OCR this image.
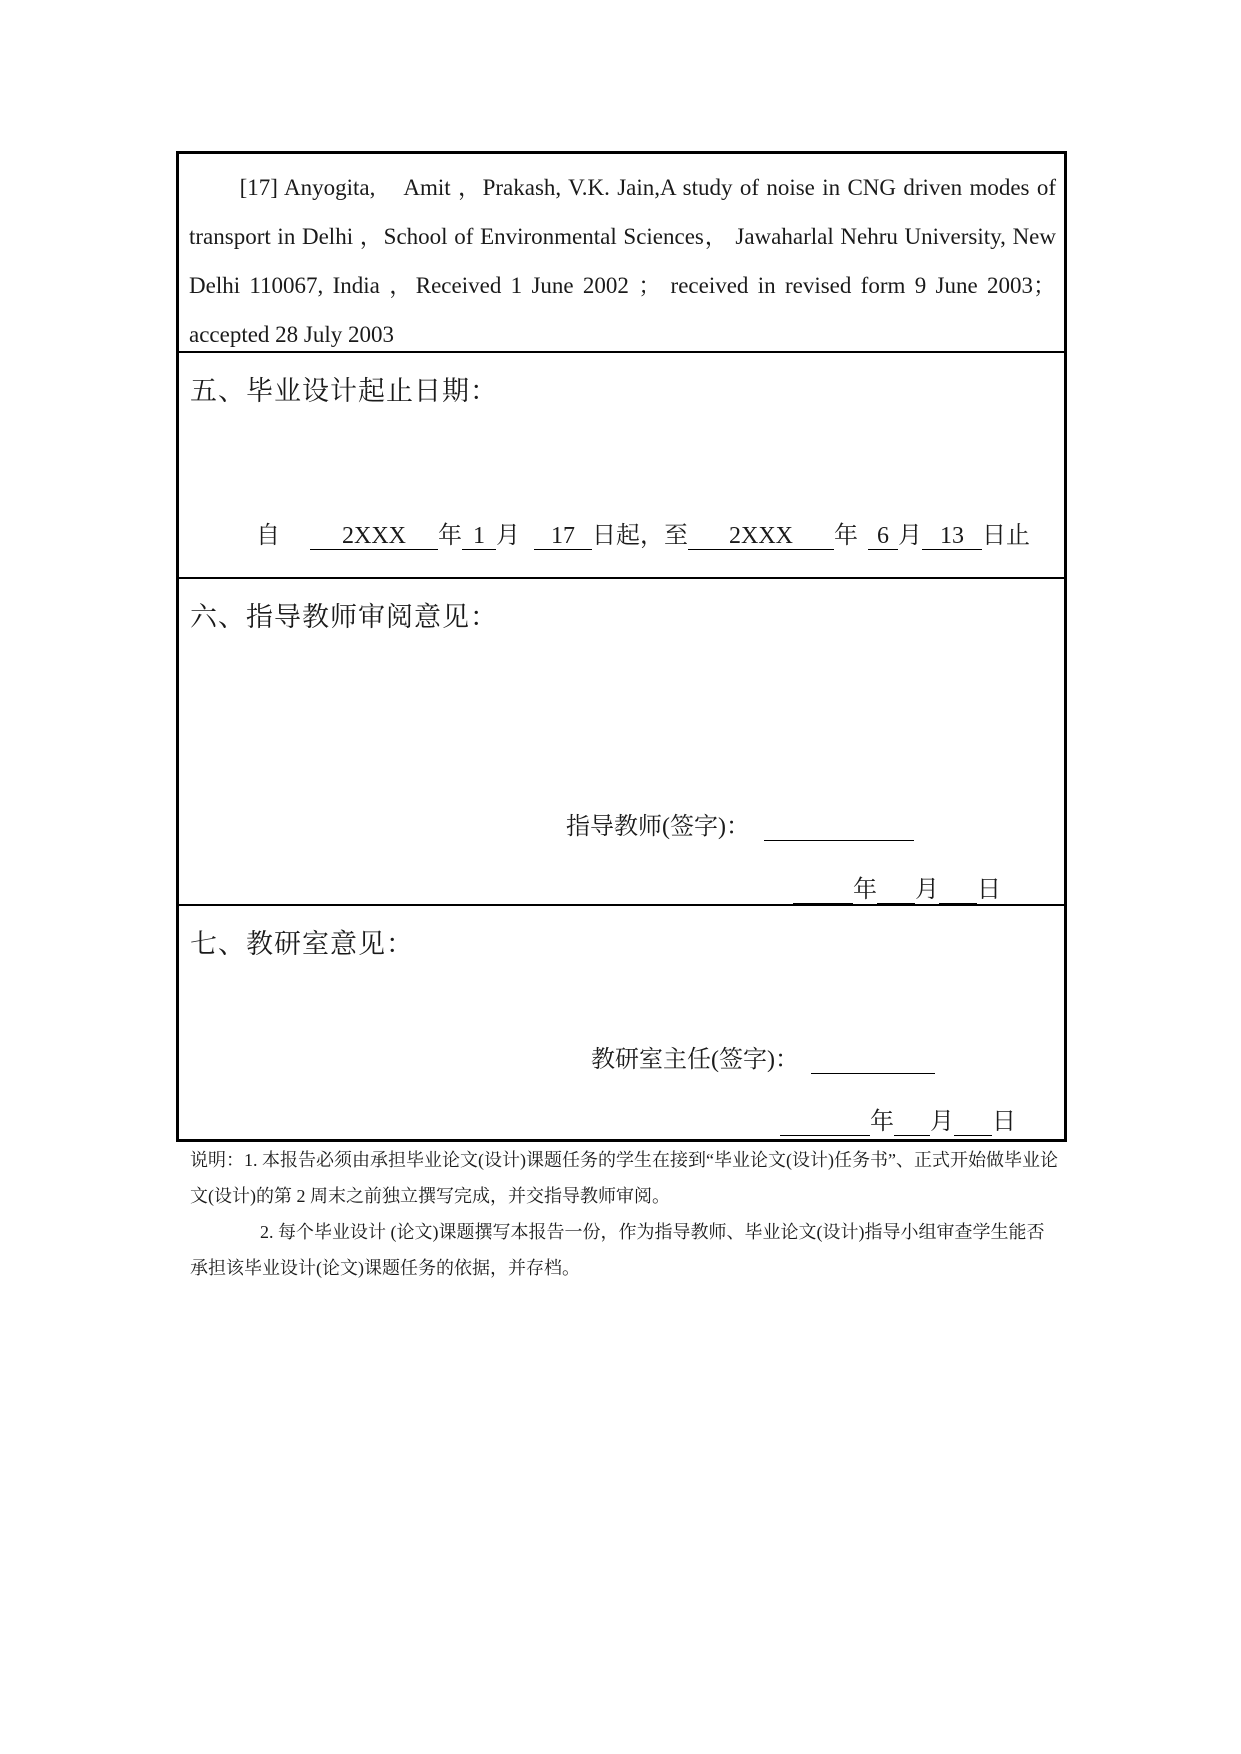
[17] Anyogita,    Amit ，Prakash, V.K. Jain,A study of noise in CNG driven modes of transport in Delhi ，School of Environmental Sciences， Jawaharlal Nehru University, New Delhi 110067, India ，Received 1 June 2002 ； received in revised form 9 June 2003； accepted 28 July 2003

五、毕业设计起止日期：

自	2XXX 年 1 月 17 日起，至 2XXX 年 6 月 13 日止

六、指导教师审阅意见：

指导教师(签字)：
年 月 日

七、教研室意见：

教研室主任(签字)：
年 月 日

说明：1. 本报告必须由承担毕业论文(设计)课题任务的学生在接到“毕业论文(设计)任务书”、正式开始做毕业论文(设计)的第 2 周末之前独立撰写完成，并交指导教师审阅。

2. 每个毕业设计 (论文)课题撰写本报告一份，作为指导教师、毕业论文(设计)指导小组审查学生能否承担该毕业设计(论文)课题任务的依据，并存档。
